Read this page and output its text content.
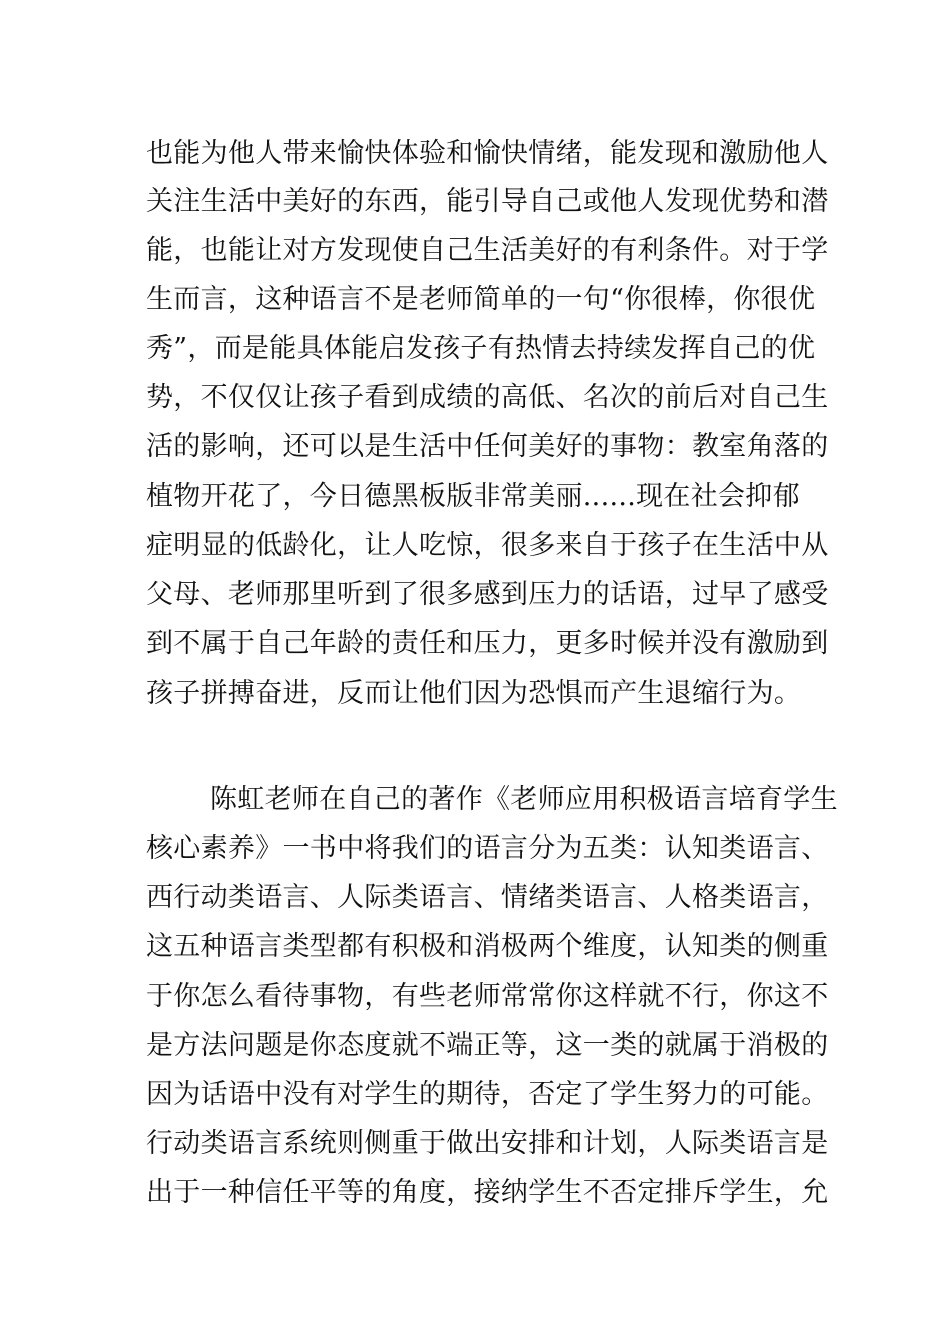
也能为他人带来愉快体验和愉快情绪，能发现和激励他人
关注生活中美好的东西，能引导自己或他人发现优势和潜
能，也能让对方发现使自己生活美好的有利条件。对于学
生而言，这种语言不是老师简单的一句“你很棒，你很优
秀”，而是能具体能启发孩子有热情去持续发挥自己的优
势，不仅仅让孩子看到成绩的高低、名次的前后对自己生
活的影响，还可以是生活中任何美好的事物：教室角落的
植物开花了，今日德黑板版非常美丽......现在社会抑郁
症明显的低龄化，让人吃惊，很多来自于孩子在生活中从
父母、老师那里听到了很多感到压力的话语，过早了感受
到不属于自己年龄的责任和压力，更多时候并没有激励到
孩子拼搏奋进，反而让他们因为恐惧而产生退缩行为。
陈虹老师在自己的著作《老师应用积极语言培育学生
核心素养》一书中将我们的语言分为五类：认知类语言、
西行动类语言、人际类语言、情绪类语言、人格类语言，
这五种语言类型都有积极和消极两个维度，认知类的侧重
于你怎么看待事物，有些老师常常你这样就不行，你这不
是方法问题是你态度就不端正等，这一类的就属于消极的
因为话语中没有对学生的期待，否定了学生努力的可能。
行动类语言系统则侧重于做出安排和计划，人际类语言是
出于一种信任平等的角度，接纳学生不否定排斥学生，允
